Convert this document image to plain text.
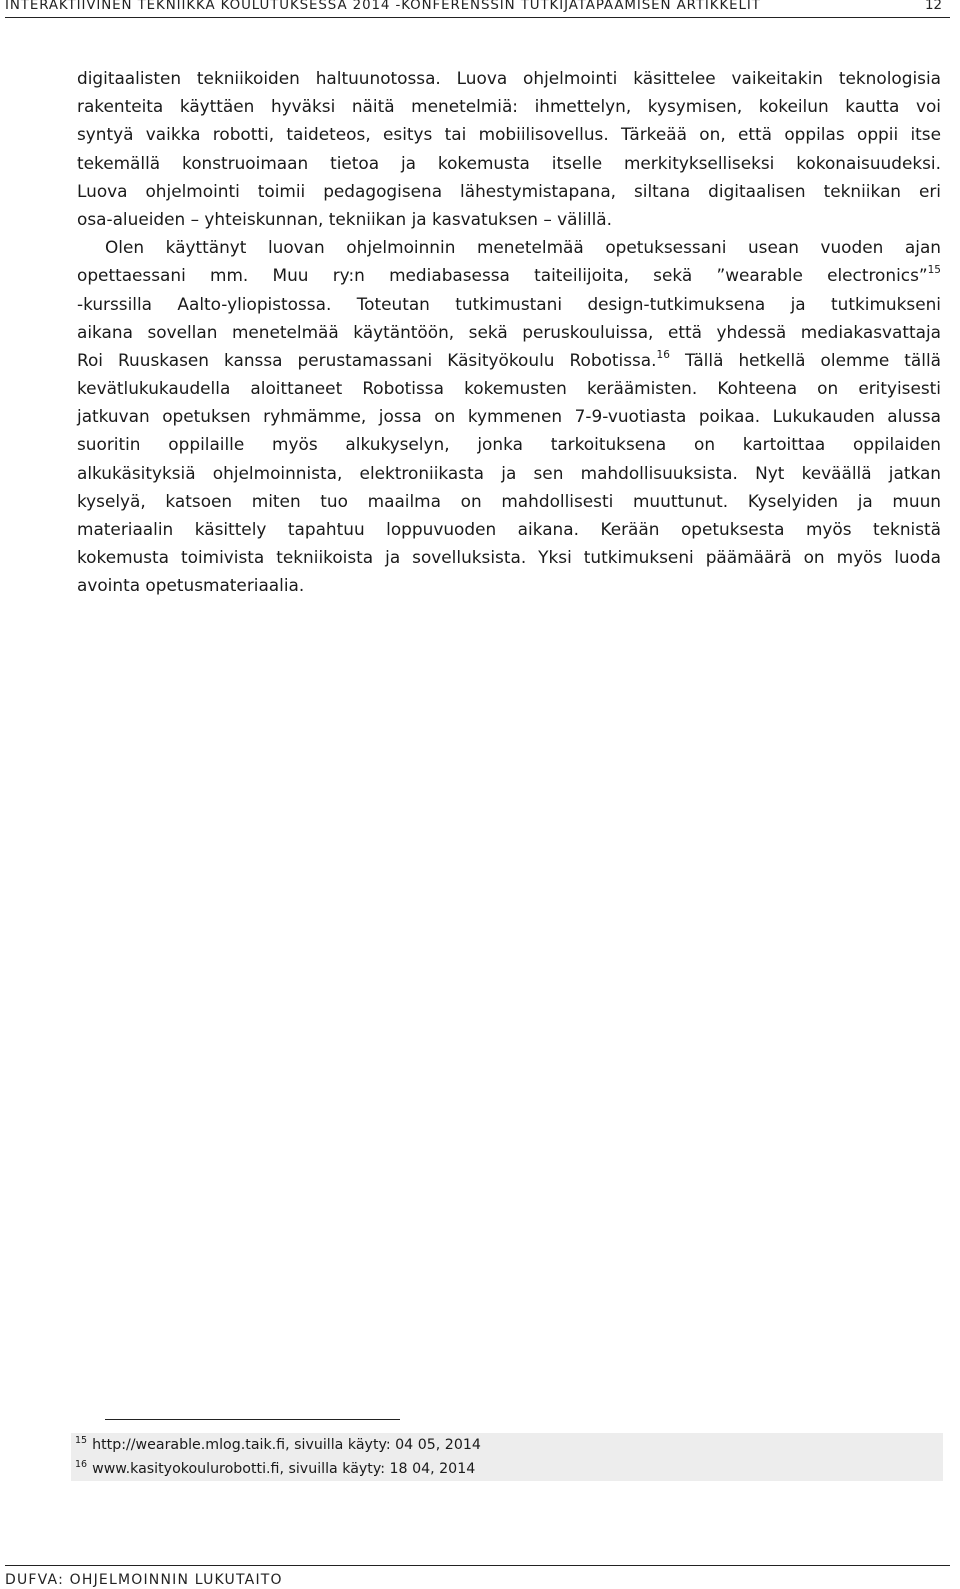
INTERAKTIIVINEN TEKNIIKKA KOULUTUKSESSA 2014 -KONFERENSSIN TUTKIJATAPAAMISEN ARTIKKELIT	12
digitaalisten tekniikoiden haltuunotossa. Luova ohjelmointi käsittelee vaikeitakin teknologisia
rakenteita käyttäen hyväksi näitä menetelmiä: ihmettelyn, kysymisen, kokeilun kautta voi
syntyä vaikka robotti, taideteos, esitys tai mobiilisovellus. Tärkeää on, että oppilas oppii itse
tekemällä konstruoimaan tietoa ja kokemusta itselle merkitykselliseksi kokonaisuudeksi.
Luova ohjelmointi toimii pedagogisena lähestymistapana, siltana digitaalisen tekniikan eri
osa-alueiden – yhteiskunnan, tekniikan ja kasvatuksen – välillä.
Olen käyttänyt luovan ohjelmoinnin menetelmää opetuksessani usean vuoden ajan
opettaessani mm. Muu ry:n mediabasessa taiteilijoita, sekä ”wearable electronics”$^{15}$
-kurssilla Aalto-yliopistossa. Toteutan tutkimustani design-tutkimuksena ja tutkimukseni
aikana sovellan menetelmää käytäntöön, sekä peruskouluissa, että yhdessä mediakasvattaja
Roi Ruuskasen kanssa perustamassani Käsityökoulu Robotissa.$^{16}$ Tällä hetkellä olemme tällä
kevätlukukaudella aloittaneet Robotissa kokemusten keräämisten. Kohteena on erityisesti
jatkuvan opetuksen ryhmämme, jossa on kymmenen 7-9-vuotiasta poikaa. Lukukauden alussa
suoritin oppilaille myös alkukyselyn, jonka tarkoituksena on kartoittaa oppilaiden
alkukäsityksiä ohjelmoinnista, elektroniikasta ja sen mahdollisuuksista. Nyt keväällä jatkan
kyselyä, katsoen miten tuo maailma on mahdollisesti muuttunut. Kyselyiden ja muun
materiaalin käsittely tapahtuu loppuvuoden aikana. Kerään opetuksesta myös teknistä
kokemusta toimivista tekniikoista ja sovelluksista. Yksi tutkimukseni päämäärä on myös luoda
avointa opetusmateriaalia.
$^{15}$ http://wearable.mlog.taik.fi, sivuilla käyty: 04 05, 2014
$^{16}$ www.kasityokoulurobotti.fi, sivuilla käyty: 18 04, 2014
DUFVA: OHJELMOINNIN LUKUTAITO
